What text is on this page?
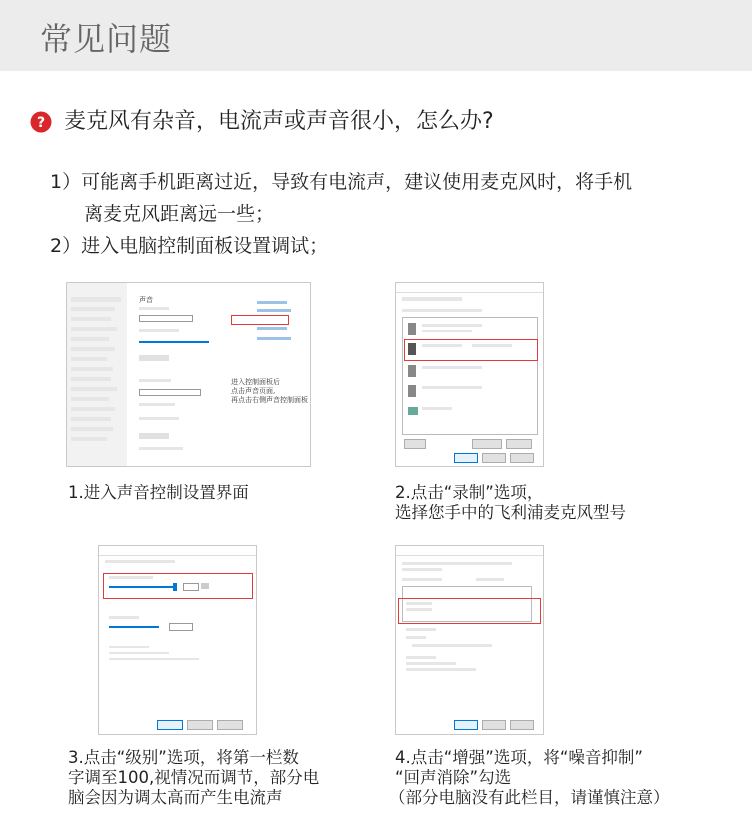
常见问题
? 麦克风有杂音，电流声或声音很小，怎么办?
1）可能离手机距离过近，导致有电流声，建议使用麦克风时，将手机
离麦克风距离远一些；
2）进入电脑控制面板设置调试；
声音
进入控制面板后
点击声音页面,
再点击右侧声音控制面板
1.进入声音控制设置界面	2.点击“录制”选项，
选择您手中的飞利浦麦克风型号
3.点击“级别”选项，将第一栏数
字调至100,视情况而调节，部分电
脑会因为调太高而产生电流声
4.点击“增强”选项，将“噪音抑制”
“回声消除”勾选
（部分电脑没有此栏目，请谨慎注意）
